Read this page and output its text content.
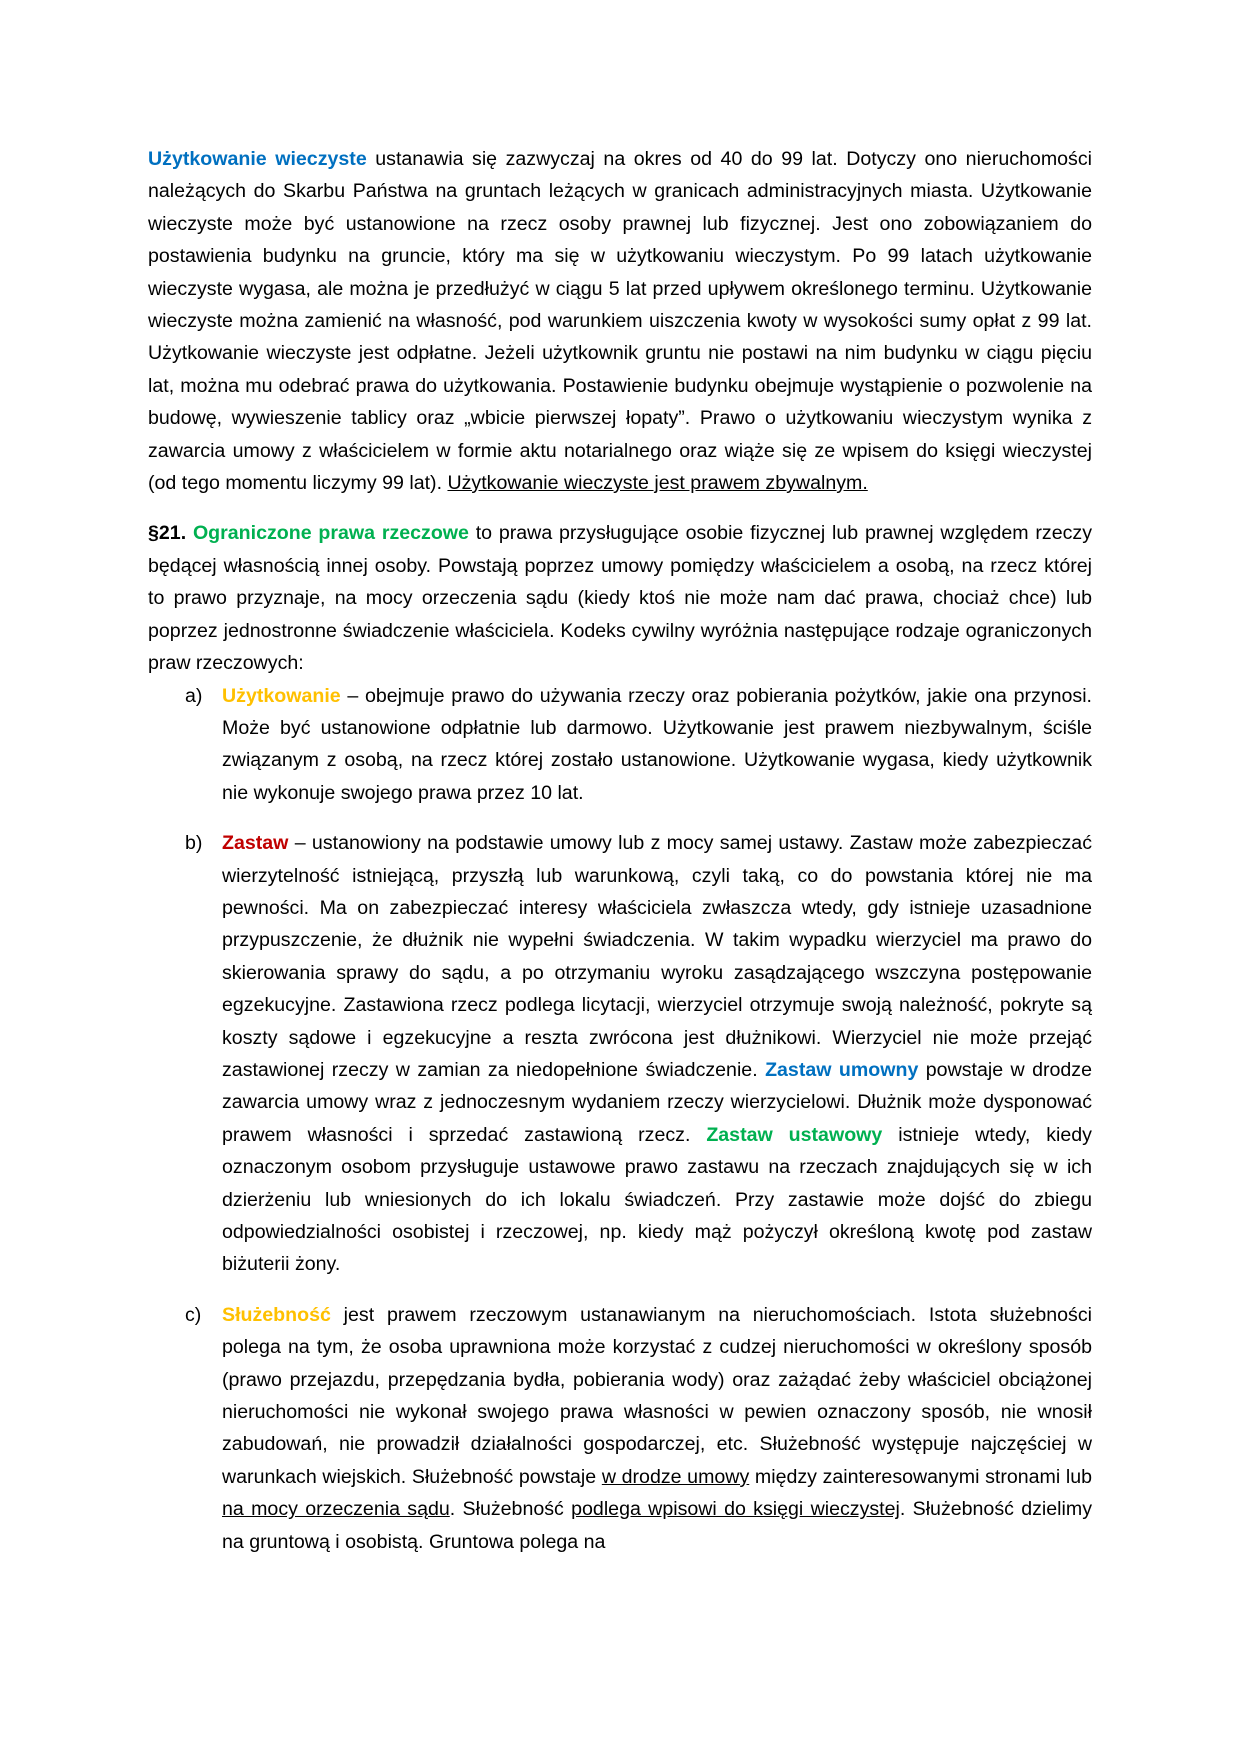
Użytkowanie wieczyste ustanawia się zazwyczaj na okres od 40 do 99 lat. Dotyczy ono nieruchomości należących do Skarbu Państwa na gruntach leżących w granicach administracyjnych miasta. Użytkowanie wieczyste może być ustanowione na rzecz osoby prawnej lub fizycznej. Jest ono zobowiązaniem do postawienia budynku na gruncie, który ma się w użytkowaniu wieczystym. Po 99 latach użytkowanie wieczyste wygasa, ale można je przedłużyć w ciągu 5 lat przed upływem określonego terminu. Użytkowanie wieczyste można zamienić na własność, pod warunkiem uiszczenia kwoty w wysokości sumy opłat z 99 lat. Użytkowanie wieczyste jest odpłatne. Jeżeli użytkownik gruntu nie postawi na nim budynku w ciągu pięciu lat, można mu odebrać prawa do użytkowania. Postawienie budynku obejmuje wystąpienie o pozwolenie na budowę, wywieszenie tablicy oraz „wbicie pierwszej łopaty”. Prawo o użytkowaniu wieczystym wynika z zawarcia umowy z właścicielem w formie aktu notarialnego oraz wiąże się ze wpisem do księgi wieczystej (od tego momentu liczymy 99 lat). Użytkowanie wieczyste jest prawem zbywalnym.

§21. Ograniczone prawa rzeczowe to prawa przysługujące osobie fizycznej lub prawnej względem rzeczy będącej własnością innej osoby. Powstają poprzez umowy pomiędzy właścicielem a osobą, na rzecz której to prawo przyznaje, na mocy orzeczenia sądu (kiedy ktoś nie może nam dać prawa, chociaż chce) lub poprzez jednostronne świadczenie właściciela. Kodeks cywilny wyróżnia następujące rodzaje ograniczonych praw rzeczowych:

a) Użytkowanie – obejmuje prawo do używania rzeczy oraz pobierania pożytków, jakie ona przynosi. Może być ustanowione odpłatnie lub darmowo. Użytkowanie jest prawem niezbywalnym, ściśle związanym z osobą, na rzecz której zostało ustanowione. Użytkowanie wygasa, kiedy użytkownik nie wykonuje swojego prawa przez 10 lat.
b) Zastaw – ustanowiony na podstawie umowy lub z mocy samej ustawy. Zastaw może zabezpieczać wierzytelność istniejącą, przyszłą lub warunkową, czyli taką, co do powstania której nie ma pewności. Ma on zabezpieczać interesy właściciela zwłaszcza wtedy, gdy istnieje uzasadnione przypuszczenie, że dłużnik nie wypełni świadczenia. W takim wypadku wierzyciel ma prawo do skierowania sprawy do sądu, a po otrzymaniu wyroku zasądzającego wszczyna postępowanie egzekucyjne. Zastawiona rzecz podlega licytacji, wierzyciel otrzymuje swoją należność, pokryte są koszty sądowe i egzekucyjne a reszta zwrócona jest dłużnikowi. Wierzyciel nie może przejąć zastawionej rzeczy w zamian za niedopełnione świadczenie. Zastaw umowny powstaje w drodze zawarcia umowy wraz z jednoczesnym wydaniem rzeczy wierzycielowi. Dłużnik może dysponować prawem własności i sprzedać zastawioną rzecz. Zastaw ustawowy istnieje wtedy, kiedy oznaczonym osobom przysługuje ustawowe prawo zastawu na rzeczach znajdujących się w ich dzierżeniu lub wniesionych do ich lokalu świadczeń. Przy zastawie może dojść do zbiegu odpowiedzialności osobistej i rzeczowej, np. kiedy mąż pożyczył określoną kwotę pod zastaw biżuterii żony.
c) Służebność jest prawem rzeczowym ustanawianym na nieruchomościach. Istota służebności polega na tym, że osoba uprawniona może korzystać z cudzej nieruchomości w określony sposób (prawo przejazdu, przepędzania bydła, pobierania wody) oraz zażądać żeby właściciel obciążonej nieruchomości nie wykonał swojego prawa własności w pewien oznaczony sposób, nie wnosił zabudowań, nie prowadził działalności gospodarczej, etc. Służebność występuje najczęściej w warunkach wiejskich. Służebność powstaje w drodze umowy między zainteresowanymi stronami lub na mocy orzeczenia sądu. Służebność podlega wpisowi do księgi wieczystej. Służebność dzielimy na gruntową i osobistą. Gruntowa polega na
